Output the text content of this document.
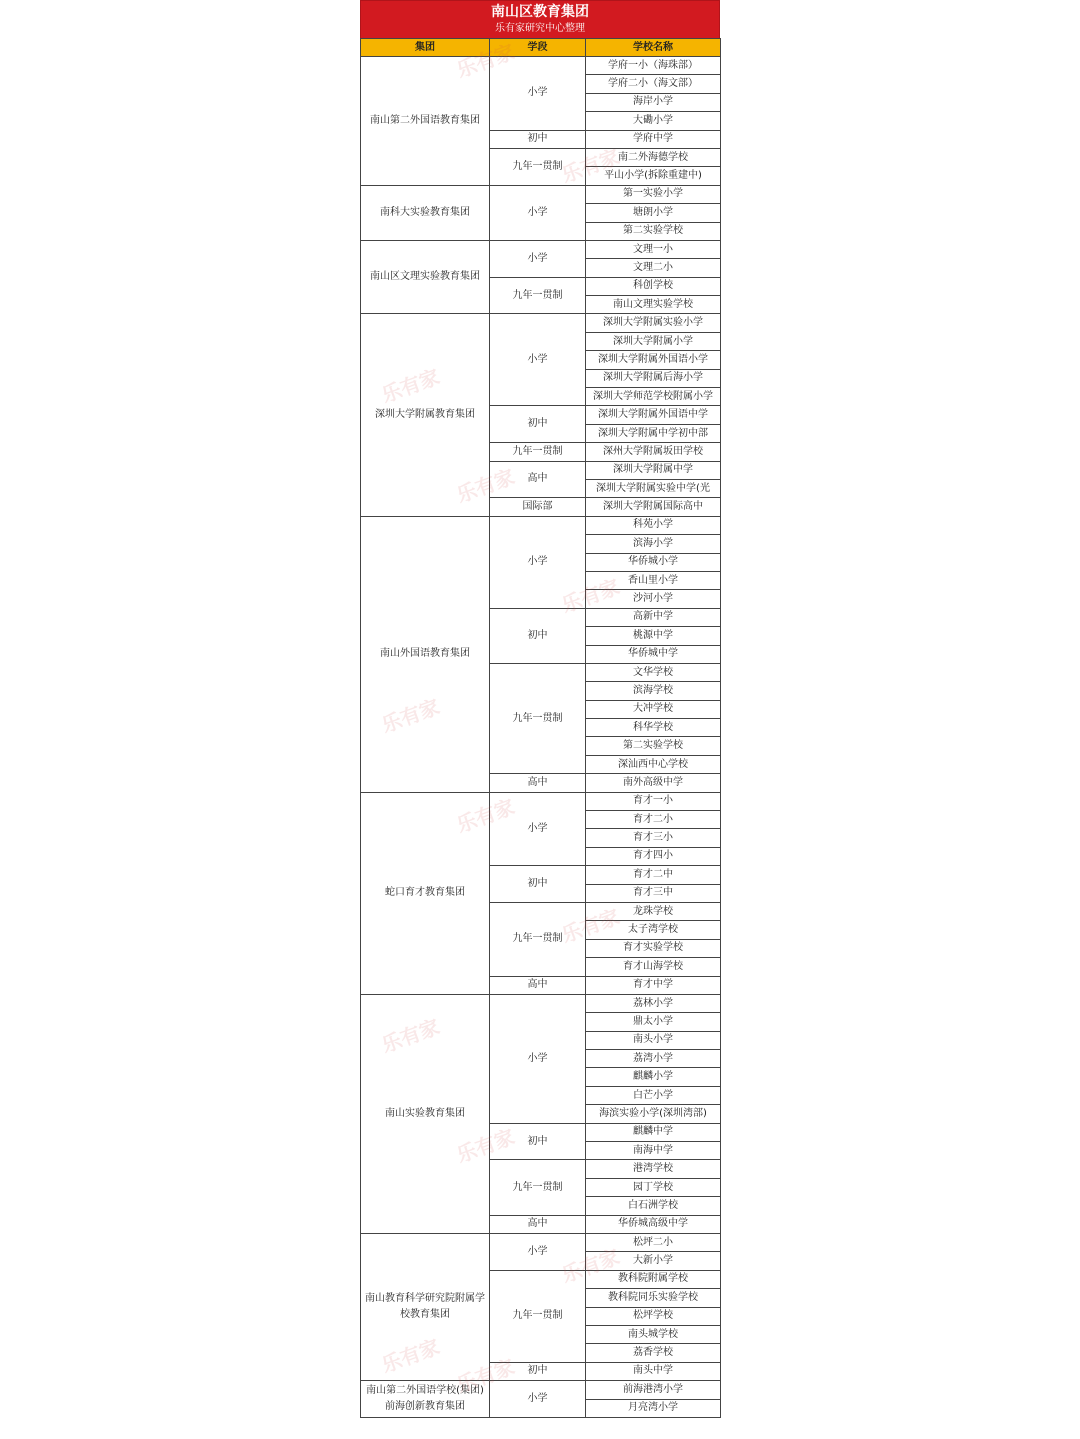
南山区教育集团
乐有家研究中心整理
集团	学段	学校名称
南山第二外国语教育集团	小学	学府一小（海珠部）
		学府二小（海文部）
		海岸小学
		大磡小学
	初中	学府中学
	九年一贯制	南二外海德学校
		平山小学(拆除重建中)
南科大实验教育集团	小学	第一实验小学
		塘朗小学
		第二实验学校
南山区文理实验教育集团	小学	文理一小
		文理二小
	九年一贯制	科创学校
		南山文理实验学校
深圳大学附属教育集团	小学	深圳大学附属实验小学
		深圳大学附属小学
		深圳大学附属外国语小学
		深圳大学附属后海小学
		深圳大学师范学校附属小学
	初中	深圳大学附属外国语中学
		深圳大学附属中学初中部
	九年一贯制	深州大学附属坂田学校
	高中	深圳大学附属中学
		深圳大学附属实验中学(光
	国际部	深圳大学附属国际高中
南山外国语教育集团	小学	科苑小学
		滨海小学
		华侨城小学
		香山里小学
		沙河小学
	初中	高新中学
		桃源中学
		华侨城中学
	九年一贯制	文华学校
		滨海学校
		大冲学校
		科华学校
		第二实验学校
		深汕西中心学校
	高中	南外高级中学
蛇口育才教育集团	小学	育才一小
		育才二小
		育才三小
		育才四小
	初中	育才二中
		育才三中
	九年一贯制	龙珠学校
		太子湾学校
		育才实验学校
		育才山海学校
	高中	育才中学
南山实验教育集团	小学	荔林小学
		鼎太小学
		南头小学
		荔湾小学
		麒麟小学
		白芒小学
		海滨实验小学(深圳湾部)
	初中	麒麟中学
		南海中学
	九年一贯制	港湾学校
		园丁学校
		白石洲学校
	高中	华侨城高级中学
南山教育科学研究院附属学校教育集团	小学	松坪二小
		大新小学
	九年一贯制	教科院附属学校
		教科院同乐实验学校
		松坪学校
		南头城学校
		荔香学校
	初中	南头中学
南山第二外国语学校(集团)前海创新教育集团	小学	前海港湾小学
		月亮湾小学
乐有家
乐有家
乐有家
乐有家
乐有家
乐有家
乐有家
乐有家
乐有家
乐有家
乐有家
乐有家 乐有家
